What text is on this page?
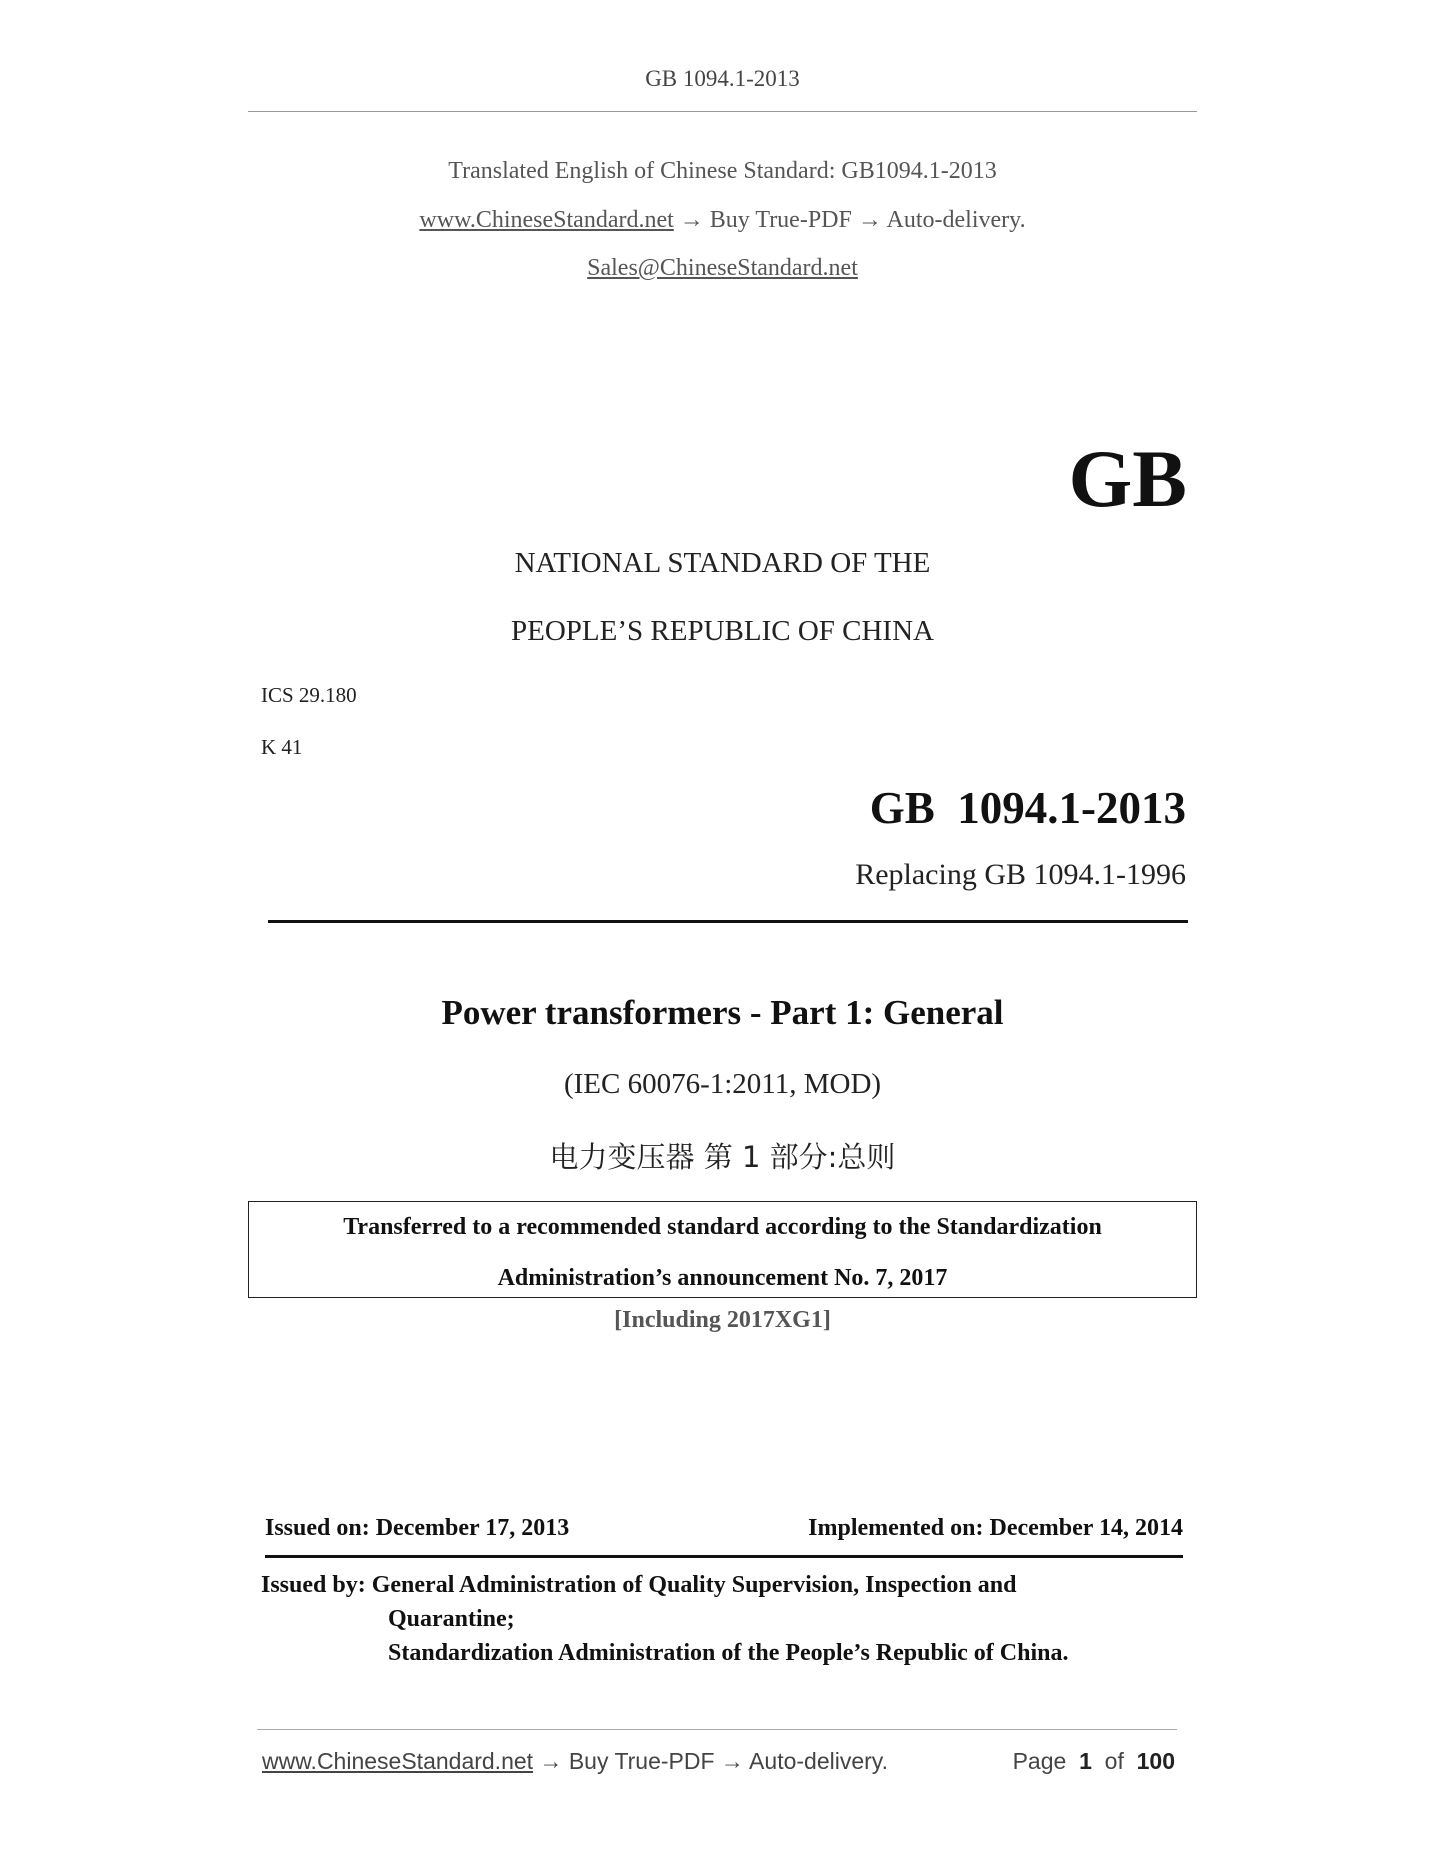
GB 1094.1-2013
Translated English of Chinese Standard: GB1094.1-2013
www.ChineseStandard.net → Buy True-PDF → Auto-delivery.
Sales@ChineseStandard.net
GB
NATIONAL STANDARD OF THE
PEOPLE’S REPUBLIC OF CHINA
ICS 29.180
K 41
GB  1094.1-2013
Replacing GB 1094.1-1996
Power transformers - Part 1: General
(IEC 60076-1:2011, MOD)
电力变压器 第 1 部分:总则
Transferred to a recommended standard according to the Standardization
Administration’s announcement No. 7, 2017
[Including 2017XG1]
Issued on: December 17, 2013	Implemented on: December 14, 2014
Issued by: General Administration of Quality Supervision, Inspection and
Quarantine;
Standardization Administration of the People’s Republic of China.
www.ChineseStandard.net → Buy True-PDF → Auto-delivery.	Page 1 of 100
